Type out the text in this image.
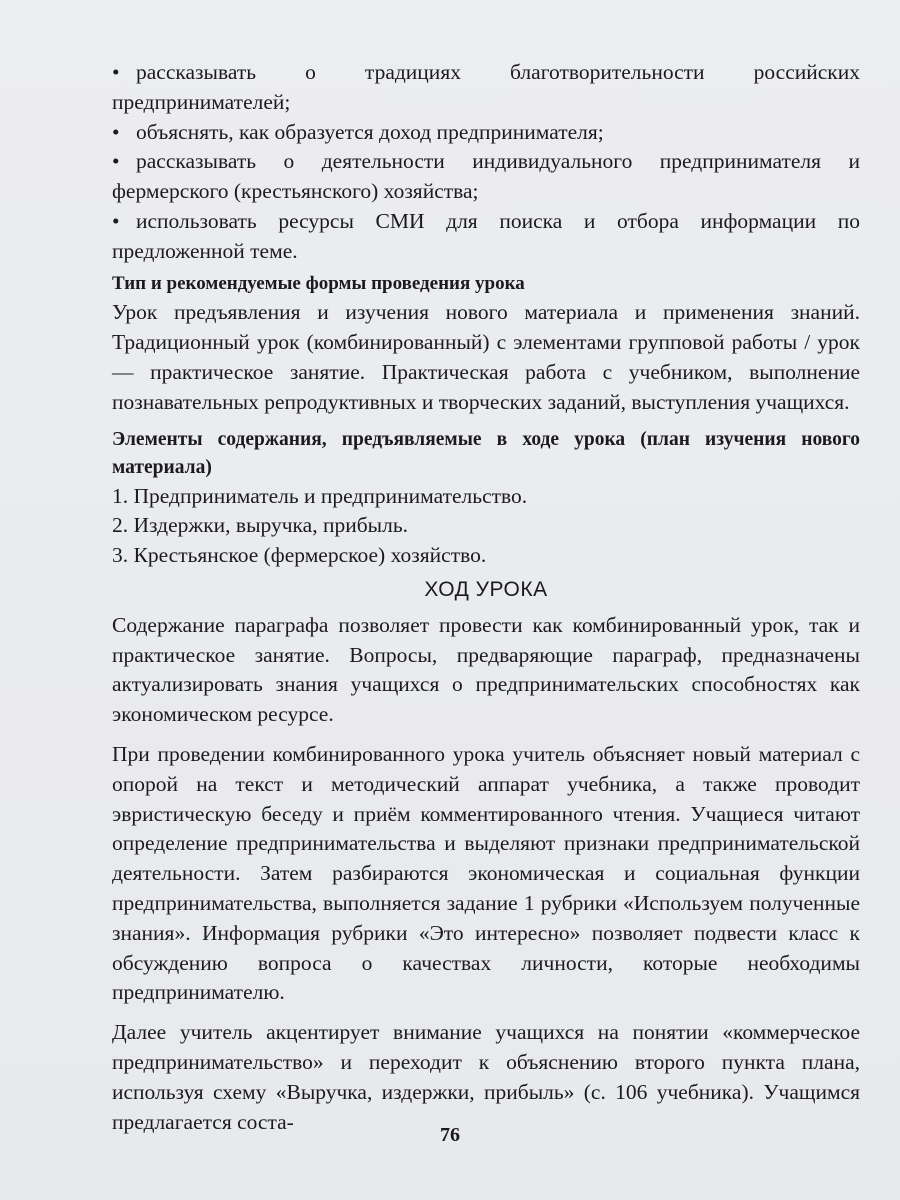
• рассказывать о традициях благотворительности российских предпринимателей;

• объяснять, как образуется доход предпринимателя;

• рассказывать о деятельности индивидуального предпринимателя и фермерского (крестьянского) хозяйства;

• использовать ресурсы СМИ для поиска и отбора информации по предложенной теме.

Тип и рекомендуемые формы проведения урока

Урок предъявления и изучения нового материала и применения знаний. Традиционный урок (комбинированный) с элементами групповой работы / урок — практическое занятие. Практическая работа с учебником, выполнение познавательных репродуктивных и творческих заданий, выступления учащихся.

Элементы содержания, предъявляемые в ходе урока (план изучения нового материала)

1. Предприниматель и предпринимательство.

2. Издержки, выручка, прибыль.

3. Крестьянское (фермерское) хозяйство.

ХОД УРОКА

Содержание параграфа позволяет провести как комбинированный урок, так и практическое занятие. Вопросы, предваряющие параграф, предназначены актуализировать знания учащихся о предпринимательских способностях как экономическом ресурсе.

При проведении комбинированного урока учитель объясняет новый материал с опорой на текст и методический аппарат учебника, а также проводит эвристическую беседу и приём комментированного чтения. Учащиеся читают определение предпринимательства и выделяют признаки предпринимательской деятельности. Затем разбираются экономическая и социальная функции предпринимательства, выполняется задание 1 рубрики «Используем полученные знания». Информация рубрики «Это интересно» позволяет подвести класс к обсуждению вопроса о качествах личности, которые необходимы предпринимателю.

Далее учитель акцентирует внимание учащихся на понятии «коммерческое предпринимательство» и переходит к объяснению второго пункта плана, используя схему «Выручка, издержки, прибыль» (с. 106 учебника). Учащимся предлагается соста-

76
